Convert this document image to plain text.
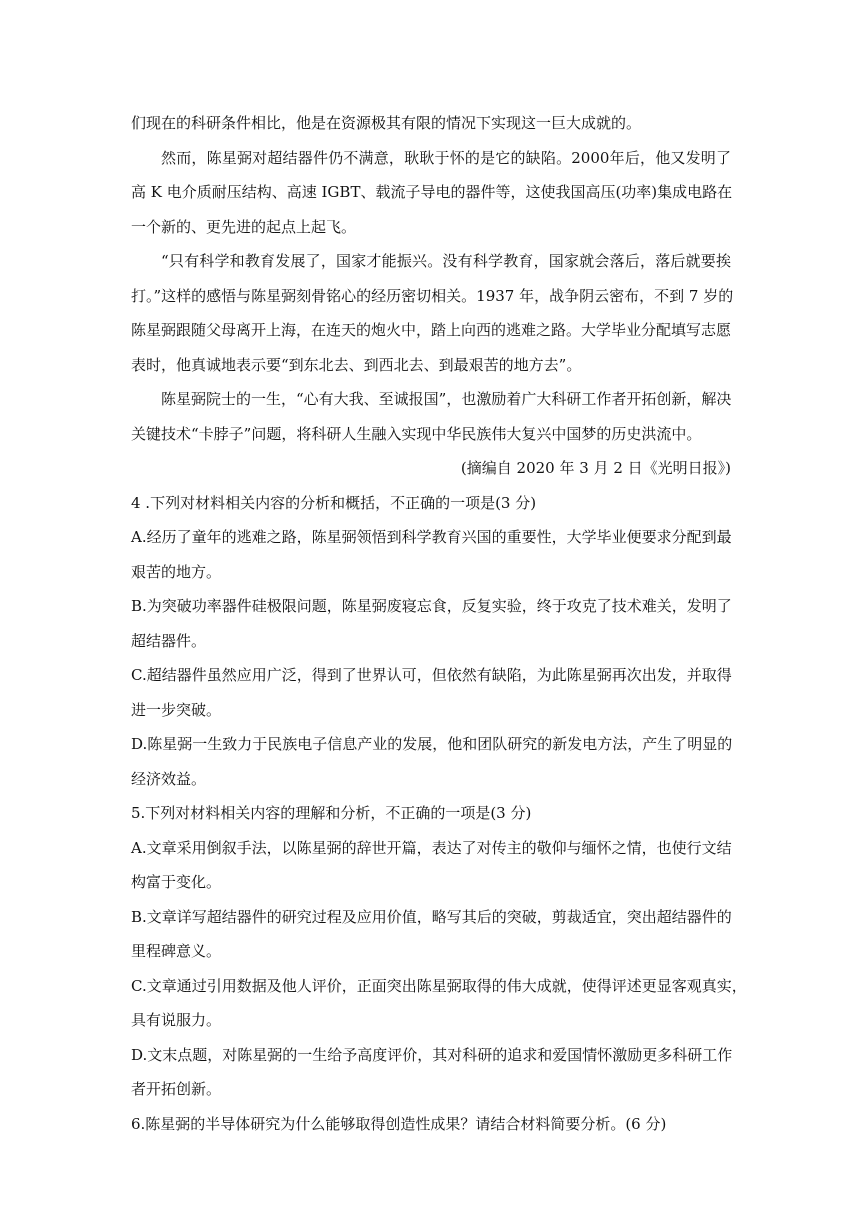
们现在的科研条件相比，他是在资源极其有限的情况下实现这一巨大成就的。
然而，陈星弼对超结器件仍不满意，耿耿于怀的是它的缺陷。2000年后，他又发明了
高 K 电介质耐压结构、高速 IGBT、载流子导电的器件等，这使我国高压(功率)集成电路在
一个新的、更先进的起点上起飞。
“只有科学和教育发展了，国家才能振兴。没有科学教育，国家就会落后，落后就要挨
打。”这样的感悟与陈星弼刻骨铭心的经历密切相关。1937 年，战争阴云密布，不到 7 岁的
陈星弼跟随父母离开上海，在连天的炮火中，踏上向西的逃难之路。大学毕业分配填写志愿
表时，他真诚地表示要“到东北去、到西北去、到最艰苦的地方去”。
陈星弼院士的一生，“心有大我、至诚报国”，也激励着广大科研工作者开拓创新，解决
关键技术“卡脖子”问题，将科研人生融入实现中华民族伟大复兴中国梦的历史洪流中。
(摘编自 2020 年 3 月 2 日《光明日报》)
4 .下列对材料相关内容的分析和概括，不正确的一项是(3 分)
A.经历了童年的逃难之路，陈星弼领悟到科学教育兴国的重要性，大学毕业便要求分配到最
艰苦的地方。
B.为突破功率器件硅极限问题，陈星弼废寝忘食，反复实验，终于攻克了技术难关，发明了
超结器件。
C.超结器件虽然应用广泛，得到了世界认可，但依然有缺陷，为此陈星弼再次出发，并取得
进一步突破。
D.陈星弼一生致力于民族电子信息产业的发展，他和团队研究的新发电方法，产生了明显的
经济效益。
5.下列对材料相关内容的理解和分析，不正确的一项是(3 分)
A.文章采用倒叙手法，以陈星弼的辞世开篇，表达了对传主的敬仰与缅怀之情，也使行文结
构富于变化。
B.文章详写超结器件的研究过程及应用价值，略写其后的突破，剪裁适宜，突出超结器件的
里程碑意义。
C.文章通过引用数据及他人评价，正面突出陈星弼取得的伟大成就，使得评述更显客观真实，
具有说服力。
D.文末点题，对陈星弼的一生给予高度评价，其对科研的追求和爱国情怀激励更多科研工作
者开拓创新。
6.陈星弼的半导体研究为什么能够取得创造性成果？请结合材料简要分析。(6 分)
